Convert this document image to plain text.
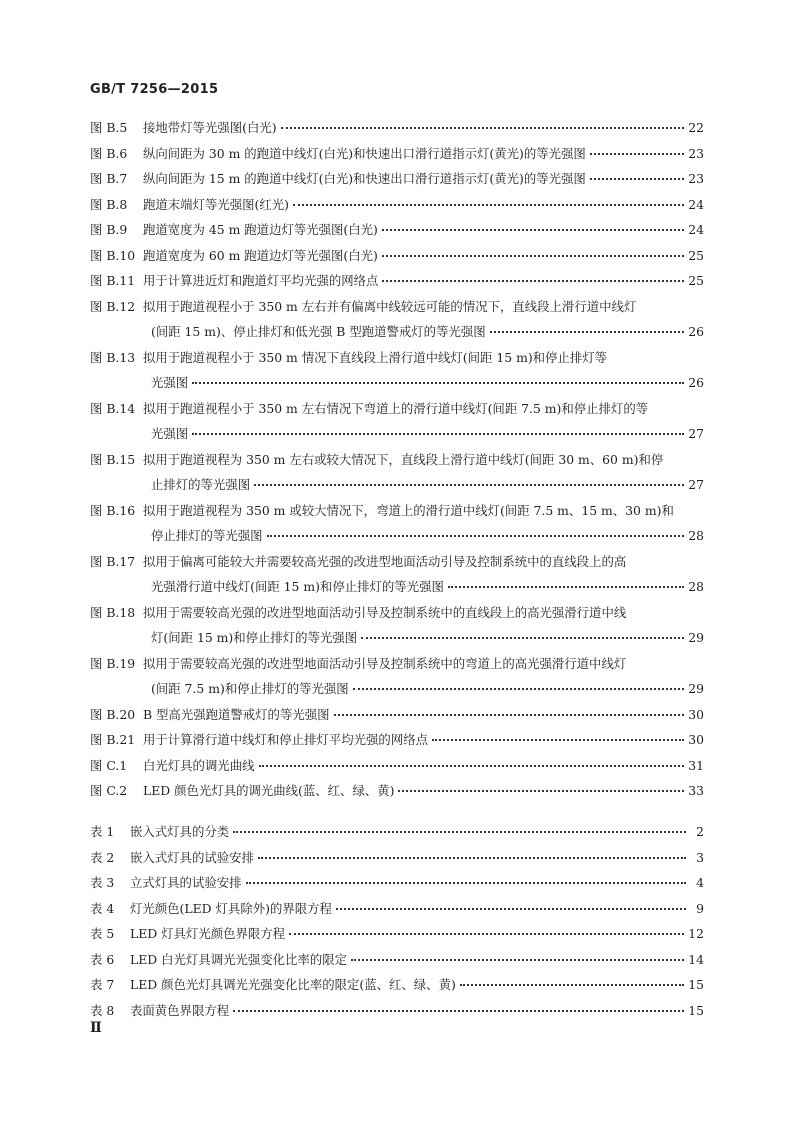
GB/T 7256—2015
图 B.5	接地带灯等光强图(白光)	22
图 B.6	纵向间距为 30 m 的跑道中线灯(白光)和快速出口滑行道指示灯(黄光)的等光强图	23
图 B.7	纵向间距为 15 m 的跑道中线灯(白光)和快速出口滑行道指示灯(黄光)的等光强图	23
图 B.8	跑道末端灯等光强图(红光)	24
图 B.9	跑道宽度为 45 m 跑道边灯等光强图(白光)	24
图 B.10 跑道宽度为 60 m 跑道边灯等光强图(白光)	25
图 B.11 用于计算进近灯和跑道灯平均光强的网络点	25
图 B.12 拟用于跑道视程小于 350 m 左右并有偏离中线较远可能的情况下，直线段上滑行道中线灯
(间距 15 m)、停止排灯和低光强 B 型跑道警戒灯的等光强图	26
图 B.13 拟用于跑道视程小于 350 m 情况下直线段上滑行道中线灯(间距 15 m)和停止排灯等
光强图	26
图 B.14 拟用于跑道视程小于 350 m 左右情况下弯道上的滑行道中线灯(间距 7.5 m)和停止排灯的等
光强图	27
图 B.15 拟用于跑道视程为 350 m 左右或较大情况下，直线段上滑行道中线灯(间距 30 m、60 m)和停
止排灯的等光强图	27
图 B.16 拟用于跑道视程为 350 m 或较大情况下，弯道上的滑行道中线灯(间距 7.5 m、15 m、30 m)和
停止排灯的等光强图	28
图 B.17 拟用于偏离可能较大并需要较高光强的改进型地面活动引导及控制系统中的直线段上的高
光强滑行道中线灯(间距 15 m)和停止排灯的等光强图	28
图 B.18 拟用于需要较高光强的改进型地面活动引导及控制系统中的直线段上的高光强滑行道中线
灯(间距 15 m)和停止排灯的等光强图	29
图 B.19 拟用于需要较高光强的改进型地面活动引导及控制系统中的弯道上的高光强滑行道中线灯
(间距 7.5 m)和停止排灯的等光强图	29
图 B.20 B 型高光强跑道警戒灯的等光强图	30
图 B.21 用于计算滑行道中线灯和停止排灯平均光强的网络点	30
图 C.1	白光灯具的调光曲线	31
图 C.2	LED 颜色光灯具的调光曲线(蓝、红、绿、黄)	33
表 1	嵌入式灯具的分类	2
表 2	嵌入式灯具的试验安排	3
表 3	立式灯具的试验安排	4
表 4	灯光颜色(LED 灯具除外)的界限方程	9
表 5	LED 灯具灯光颜色界限方程	12
表 6	LED 白光灯具调光光强变化比率的限定	14
表 7	LED 颜色光灯具调光光强变化比率的限定(蓝、红、绿、黄)	15
表 8	表面黄色界限方程	15
Ⅱ
